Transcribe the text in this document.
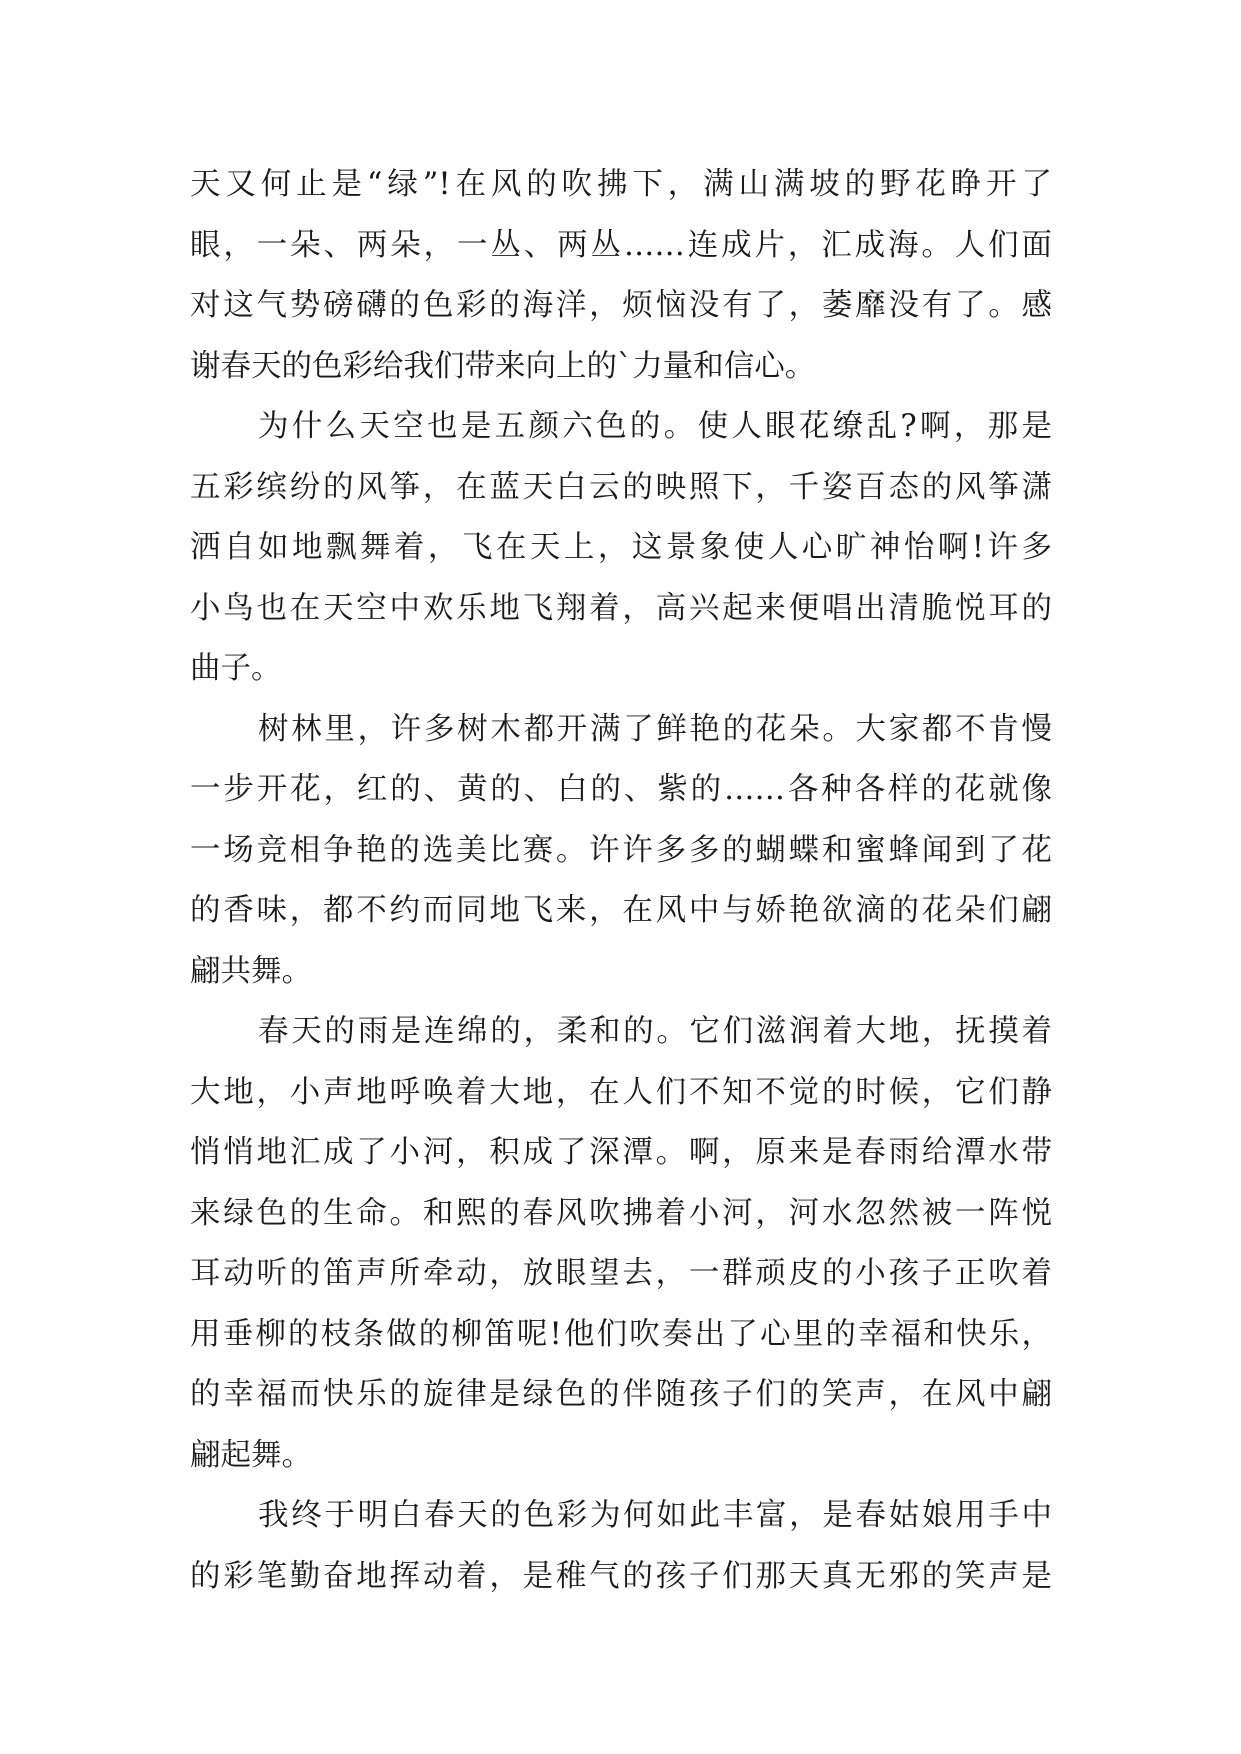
天又何止是“绿”!在风的吹拂下，满山满坡的野花睁开了
眼，一朵、两朵，一丛、两丛……连成片，汇成海。人们面
对这气势磅礴的色彩的海洋，烦恼没有了，萎靡没有了。感
谢春天的色彩给我们带来向上的`力量和信心。
为什么天空也是五颜六色的。使人眼花缭乱?啊，那是
五彩缤纷的风筝，在蓝天白云的映照下，千姿百态的风筝潇
洒自如地飘舞着，飞在天上，这景象使人心旷神怡啊!许多
小鸟也在天空中欢乐地飞翔着，高兴起来便唱出清脆悦耳的
曲子。
树林里，许多树木都开满了鲜艳的花朵。大家都不肯慢
一步开花，红的、黄的、白的、紫的……各种各样的花就像
一场竞相争艳的选美比赛。许许多多的蝴蝶和蜜蜂闻到了花
的香味，都不约而同地飞来，在风中与娇艳欲滴的花朵们翩
翩共舞。
春天的雨是连绵的，柔和的。它们滋润着大地，抚摸着
大地，小声地呼唤着大地，在人们不知不觉的时候，它们静
悄悄地汇成了小河，积成了深潭。啊，原来是春雨给潭水带
来绿色的生命。和熙的春风吹拂着小河，河水忽然被一阵悦
耳动听的笛声所牵动，放眼望去，一群顽皮的小孩子正吹着
用垂柳的枝条做的柳笛呢!他们吹奏出了心里的幸福和快乐，
的幸福而快乐的旋律是绿色的伴随孩子们的笑声，在风中翩
翩起舞。
我终于明白春天的色彩为何如此丰富，是春姑娘用手中
的彩笔勤奋地挥动着，是稚气的孩子们那天真无邪的笑声是
